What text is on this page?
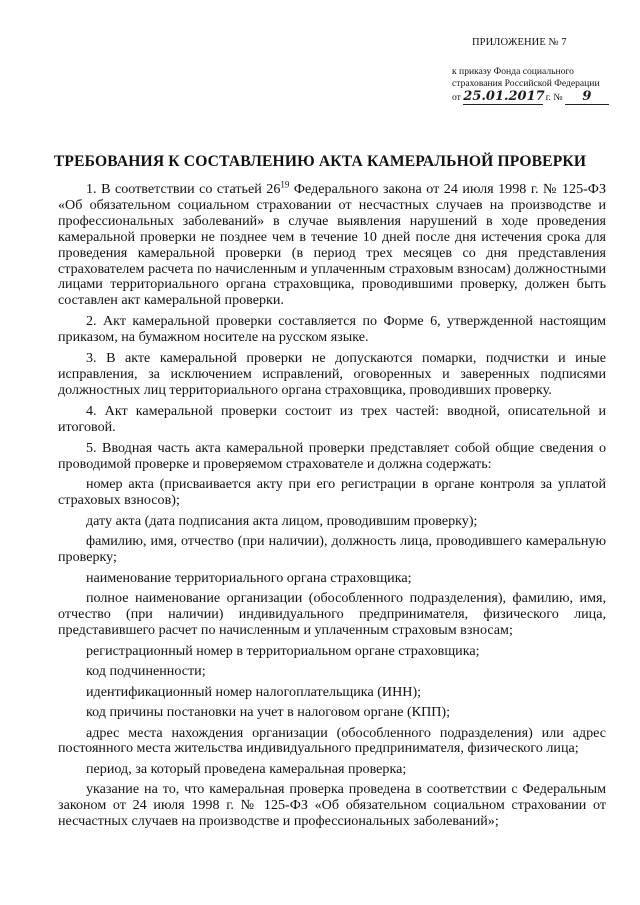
ПРИЛОЖЕНИЕ № 7
к приказу Фонда социального
страхования Российской Федерации
от 25.01.2017 г. № 9
ТРЕБОВАНИЯ К СОСТАВЛЕНИЮ АКТА КАМЕРАЛЬНОЙ ПРОВЕРКИ

1. В соответствии со статьей $26^{19}$ Федерального закона от 24 июля 1998 г. № 125-ФЗ «Об обязательном социальном страховании от несчастных случаев на производстве и профессиональных заболеваний» в случае выявления нарушений в ходе проведения камеральной проверки не позднее чем в течение 10 дней после дня истечения срока для проведения камеральной проверки (в период трех месяцев со дня представления страхователем расчета по начисленным и уплаченным страховым взносам) должностными лицами территориального органа страховщика, проводившими проверку, должен быть составлен акт камеральной проверки.

2. Акт камеральной проверки составляется по Форме 6, утвержденной настоящим приказом, на бумажном носителе на русском языке.

3. В акте камеральной проверки не допускаются помарки, подчистки и иные исправления, за исключением исправлений, оговоренных и заверенных подписями должностных лиц территориального органа страховщика, проводивших проверку.

4. Акт камеральной проверки состоит из трех частей: вводной, описательной и итоговой.

5. Вводная часть акта камеральной проверки представляет собой общие сведения о проводимой проверке и проверяемом страхователе и должна содержать:

номер акта (присваивается акту при его регистрации в органе контроля за уплатой страховых взносов);

дату акта (дата подписания акта лицом, проводившим проверку);

фамилию, имя, отчество (при наличии), должность лица, проводившего камеральную проверку;

наименование территориального органа страховщика;

полное наименование организации (обособленного подразделения), фамилию, имя, отчество (при наличии) индивидуального предпринимателя, физического лица, представившего расчет по начисленным и уплаченным страховым взносам;

регистрационный номер в территориальном органе страховщика;

код подчиненности;

идентификационный номер налогоплательщика (ИНН);

код причины постановки на учет в налоговом органе (КПП);

адрес места нахождения организации (обособленного подразделения) или адрес постоянного места жительства индивидуального предпринимателя, физического лица;

период, за который проведена камеральная проверка;

указание на то, что камеральная проверка проведена в соответствии с Федеральным законом от 24 июля 1998 г. № 125-ФЗ «Об обязательном социальном страховании от несчастных случаев на производстве и профессиональных заболеваний»;
